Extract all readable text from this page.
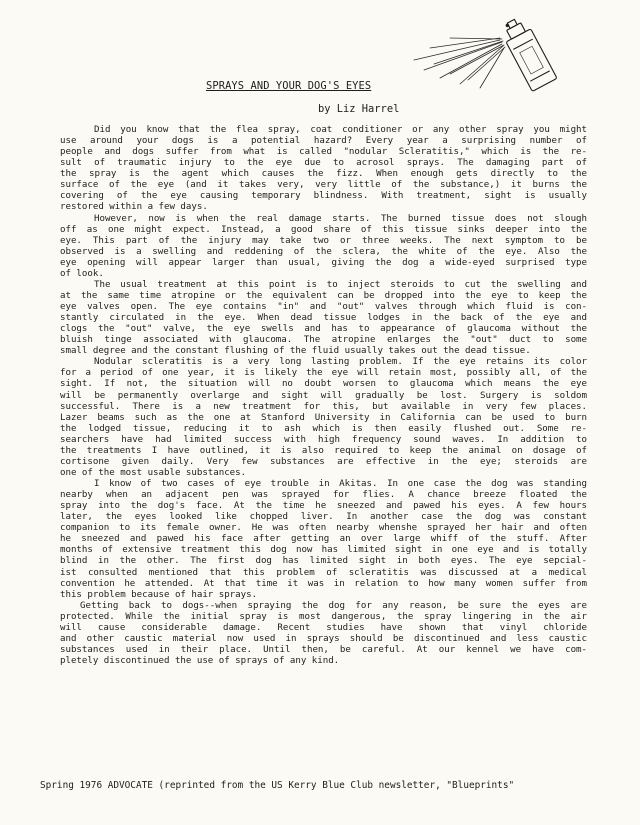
SPRAYS AND YOUR DOG'S EYES
by Liz Harrel
Did you know that the flea spray, coat conditioner or any other spray you might
use around your dogs is a potential hazard? Every year a surprising number of
people and dogs suffer from what is called "nodular Scleratitis," which is the re-
sult of traumatic injury to the eye due to acrosol sprays. The damaging part of
the spray is the agent which causes the fizz. When enough gets directly to the
surface of the eye (and it takes very, very little of the substance,) it burns the
covering of the eye causing temporary blindness. With treatment, sight is usually
restored within a few days.
However, now is when the real damage starts. The burned tissue does not slough
off as one might expect. Instead, a good share of this tissue sinks deeper into the
eye. This part of the injury may take two or three weeks. The next symptom to be
observed is a swelling and reddening of the sclera, the white of the eye. Also the
eye opening will appear larger than usual, giving the dog a wide-eyed surprised type
of look.
The usual treatment at this point is to inject steroids to cut the swelling and
at the same time atropine or the equivalent can be dropped into the eye to keep the
eye valves open. The eye contains "in" and "out" valves through which fluid is con-
stantly circulated in the eye. When dead tissue lodges in the back of the eye and
clogs the "out" valve, the eye swells and has to appearance of glaucoma without the
bluish tinge associated with glaucoma. The atropine enlarges the "out" duct to some
small degree and the constant flushing of the fluid usually takes out the dead tissue.
Nodular scleratitis is a very long lasting problem. If the eye retains its color
for a period of one year, it is likely the eye will retain most, possibly all, of the
sight. If not, the situation will no doubt worsen to glaucoma which means the eye
will be permanently overlarge and sight will gradually be lost. Surgery is soldom
successful. There is a new treatment for this, but available in very few places.
Lazer beams such as the one at Stanford University in California can be used to burn
the lodged tissue, reducing it to ash which is then easily flushed out. Some re-
searchers have had limited success with high frequency sound waves. In addition to
the treatments I have outlined, it is also required to keep the animal on dosage of
cortisone given daily. Very few substances are effective in the eye; steroids are
one of the most usable substances.
I know of two cases of eye trouble in Akitas. In one case the dog was standing
nearby when an adjacent pen was sprayed for flies. A chance breeze floated the
spray into the dog's face. At the time he sneezed and pawed his eyes. A few hours
later, the eyes looked like chopped liver. In another case the dog was constant
companion to its female owner. He was often nearby whenshe sprayed her hair and often
he sneezed and pawed his face after getting an over large whiff of the stuff. After
months of extensive treatment this dog now has limited sight in one eye and is totally
blind in the other. The first dog has limited sight in both eyes. The eye sepcial-
ist consulted mentioned that this problem of scleratitis was discussed at a medical
convention he attended. At that time it was in relation to how many women suffer from
this problem because of hair sprays.
Getting back to dogs--when spraying the dog for any reason, be sure the eyes are
protected. While the initial spray is most dangerous, the spray lingering in the air
will cause considerable damage. Recent studies have shown that vinyl chloride
and other caustic material now used in sprays should be discontinued and less caustic
substances used in their place. Until then, be careful. At our kennel we have com-
pletely discontinued the use of sprays of any kind.
Spring 1976 ADVOCATE (reprinted from the US Kerry Blue Club newsletter, "Blueprints"
